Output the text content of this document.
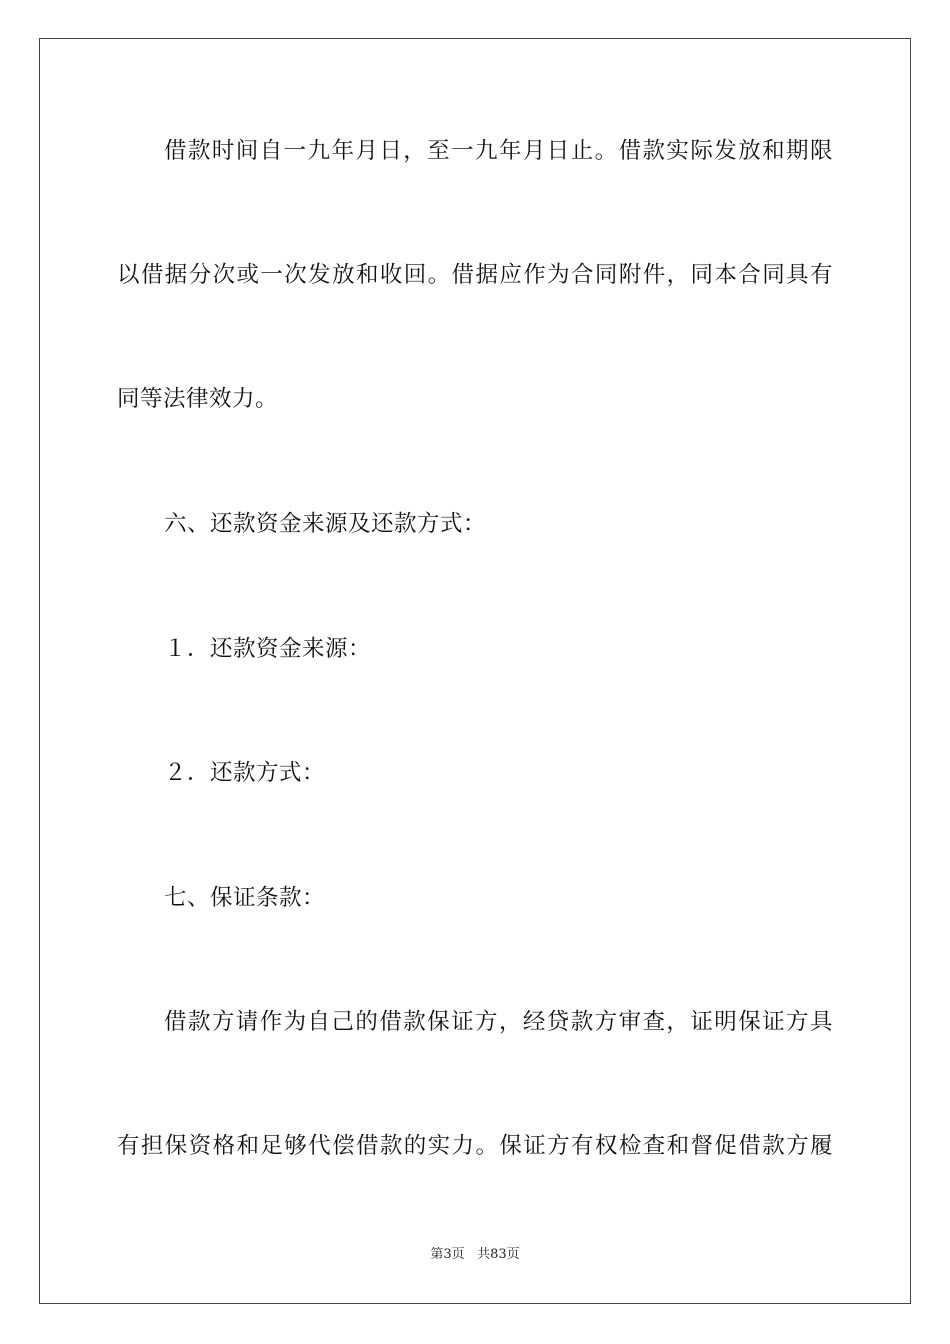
借款时间自一九年月日，至一九年月日止。借款实际发放和期限
以借据分次或一次发放和收回。借据应作为合同附件，同本合同具有
同等法律效力。
六、还款资金来源及还款方式：
１．还款资金来源：
２．还款方式：
七、保证条款：
借款方请作为自己的借款保证方，经贷款方审查，证明保证方具
有担保资格和足够代偿借款的实力。保证方有权检查和督促借款方履
第3页 共83页
